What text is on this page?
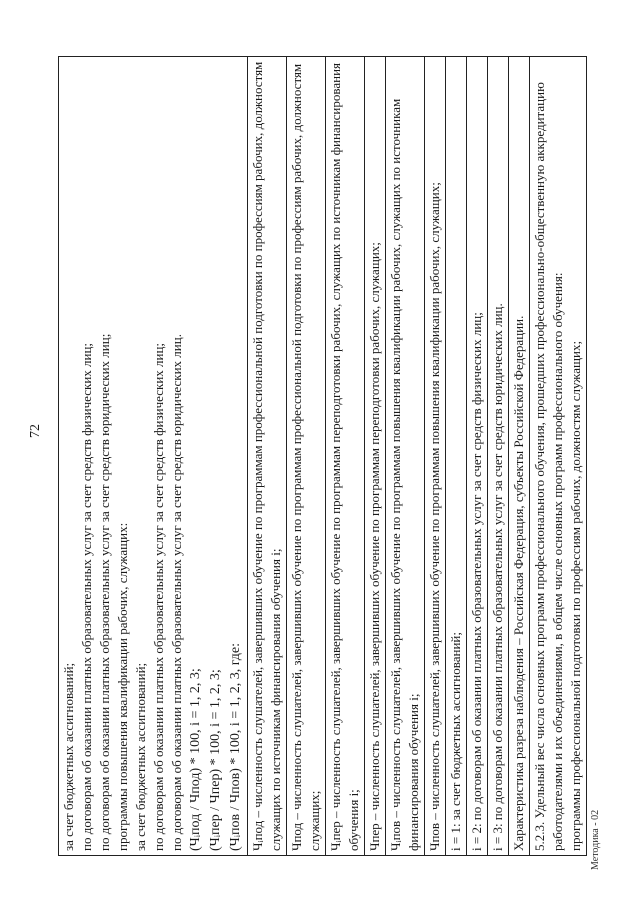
72
за счет бюджетных ассигнований; по договорам об оказании платных образовательных услуг за счет средств физических лиц; по договорам об оказании платных образовательных услуг за счет средств юридических лиц; программы повышения квалификации рабочих, служащих: за счет бюджетных ассигнований; по договорам об оказании платных образовательных услуг за счет средств физических лиц; по договорам об оказании платных образовательных услуг за счет средств юридических лиц. (Чᵢпод / Чпод) * 100, i = 1, 2, 3; (Чᵢпер / Чпер) * 100, i = 1, 2, 3; (Чᵢпов / Чпов) * 100, i = 1, 2, 3, где:

Чᵢпод – численность слушателей, завершивших обучение по программам профессиональной подготовки по профессиям рабочих, должностям служащих по источникам финансирования обучения i;

Чпод – численность слушателей, завершивших обучение по программам профессиональной подготовки по профессиям рабочих, должностям служащих;

Чᵢпер – численность слушателей, завершивших обучение по программам переподготовки рабочих, служащих по источникам финансирования обучения i;

Чпер – численность слушателей, завершивших обучение по программам переподготовки рабочих, служащих;

Чᵢпов – численность слушателей, завершивших обучение по программам повышения квалификации рабочих, служащих по источникам финансирования обучения i;

Чпов – численность слушателей, завершивших обучение по программам повышения квалификации рабочих, служащих;

i = 1: за счет бюджетных ассигнований;

i = 2: по договорам об оказании платных образовательных услуг за счет средств физических лиц;

i = 3: по договорам об оказании платных образовательных услуг за счет средств юридических лиц.

Характеристика разреза наблюдения – Российская Федерация, субъекты Российской Федерации.

5.2.3. Удельный вес числа основных программ профессионального обучения, прошедших профессионально-общественную аккредитацию работодателями и их объединениями, в общем числе основных программ профессионального обучения: программы профессиональной подготовки по профессиям рабочих, должностям служащих; Методика - 02
